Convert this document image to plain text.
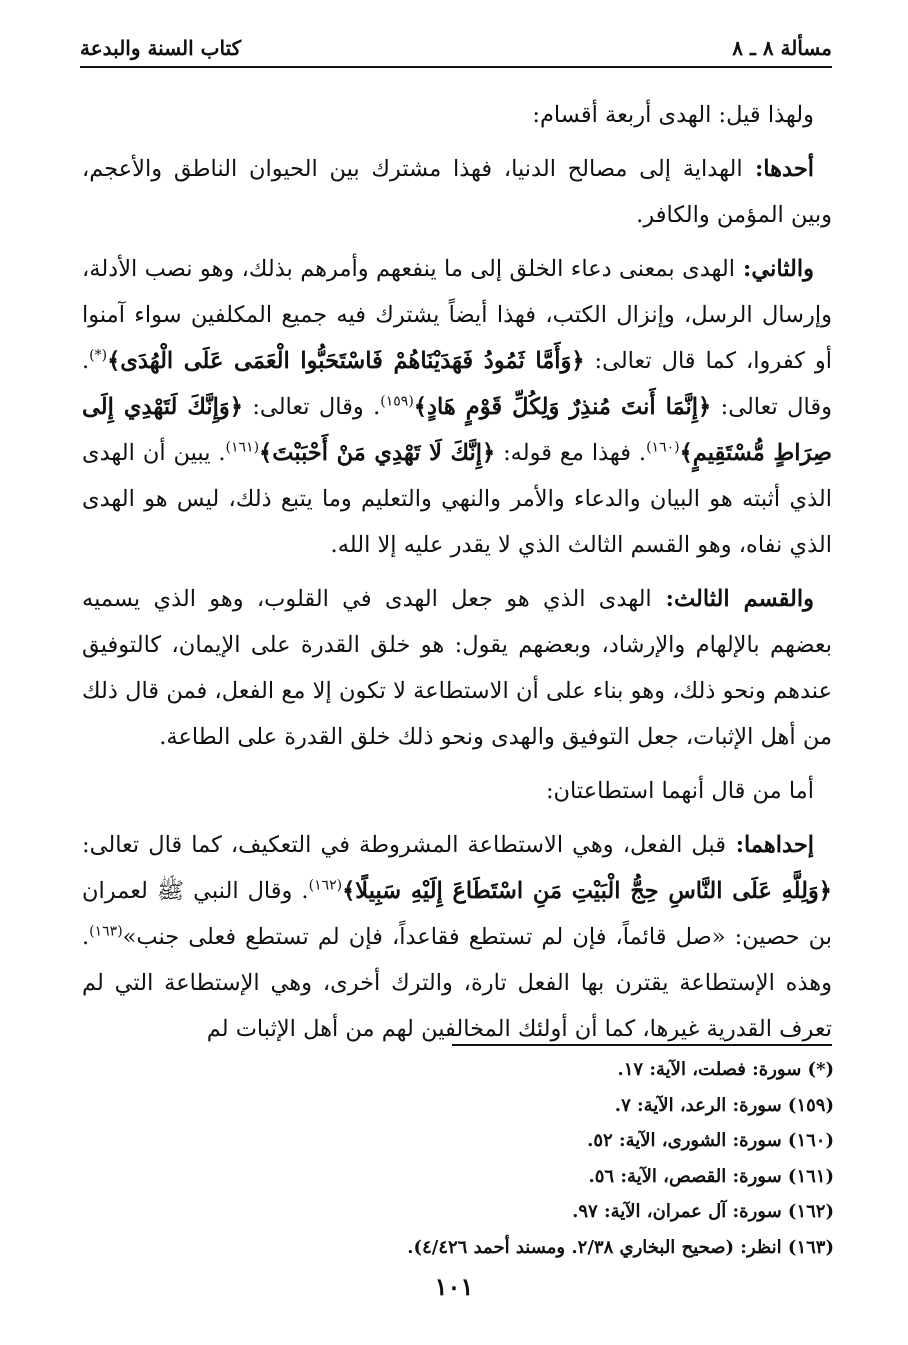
مسألة ٨ ـ ٨
كتاب السنة والبدعة

ولهذا قيل: الهدى أربعة أقسام:

أحدها: الهداية إلى مصالح الدنيا، فهذا مشترك بين الحيوان الناطق والأعجم، وبين المؤمن والكافر.

والثاني: الهدى بمعنى دعاء الخلق إلى ما ينفعهم وأمرهم بذلك، وهو نصب الأدلة، وإرسال الرسل، وإنزال الكتب، فهذا أيضاً يشترك فيه جميع المكلفين سواء آمنوا أو كفروا، كما قال تعالى: ﴿وَأَمَّا ثَمُودُ فَهَدَيْنَاهُمْ فَاسْتَحَبُّوا الْعَمَى عَلَى الْهُدَى﴾(*). وقال تعالى: ﴿إِنَّمَا أَنتَ مُنذِرٌ وَلِكُلِّ قَوْمٍ هَادٍ﴾$^{(١٥٩)}$. وقال تعالى: ﴿وَإِنَّكَ لَتَهْدِي إِلَى صِرَاطٍ مُّسْتَقِيمٍ﴾$^{(١٦٠)}$. فهذا مع قوله: ﴿إِنَّكَ لَا تَهْدِي مَنْ أَحْبَبْتَ﴾$^{(١٦١)}$. يبين أن الهدى الذي أثبته هو البيان والدعاء والأمر والنهي والتعليم وما يتبع ذلك، ليس هو الهدى الذي نفاه، وهو القسم الثالث الذي لا يقدر عليه إلا الله.

والقسم الثالث: الهدى الذي هو جعل الهدى في القلوب، وهو الذي يسميه بعضهم بالإلهام والإرشاد، وبعضهم يقول: هو خلق القدرة على الإيمان، كالتوفيق عندهم ونحو ذلك، وهو بناء على أن الاستطاعة لا تكون إلا مع الفعل، فمن قال ذلك من أهل الإثبات، جعل التوفيق والهدى ونحو ذلك خلق القدرة على الطاعة.

أما من قال أنهما استطاعتان:

إحداهما: قبل الفعل، وهي الاستطاعة المشروطة في التعكيف، كما قال تعالى: ﴿وَلِلَّهِ عَلَى النَّاسِ حِجُّ الْبَيْتِ مَنِ اسْتَطَاعَ إِلَيْهِ سَبِيلًا﴾$^{(١٦٢)}$. وقال النبي ﷺ لعمران بن حصين: «صل قائماً، فإن لم تستطع فقاعداً، فإن لم تستطع فعلى جنب»$^{(١٦٣)}$. وهذه الإستطاعة يقترن بها الفعل تارة، والترك أخرى، وهي الإستطاعة التي لم تعرف القدرية غيرها، كما أن أولئك المخالفين لهم من أهل الإثبات لم

(*) سورة: فصلت، الآية: ١٧.
(١٥٩) سورة: الرعد، الآية: ٧.
(١٦٠) سورة: الشورى، الآية: ٥٢.
(١٦١) سورة: القصص، الآية: ٥٦.
(١٦٢) سورة: آل عمران، الآية: ٩٧.
(١٦٣) انظر: (صحيح البخاري ٢/٣٨. ومسند أحمد ٤/٤٢٦).
١٠١
